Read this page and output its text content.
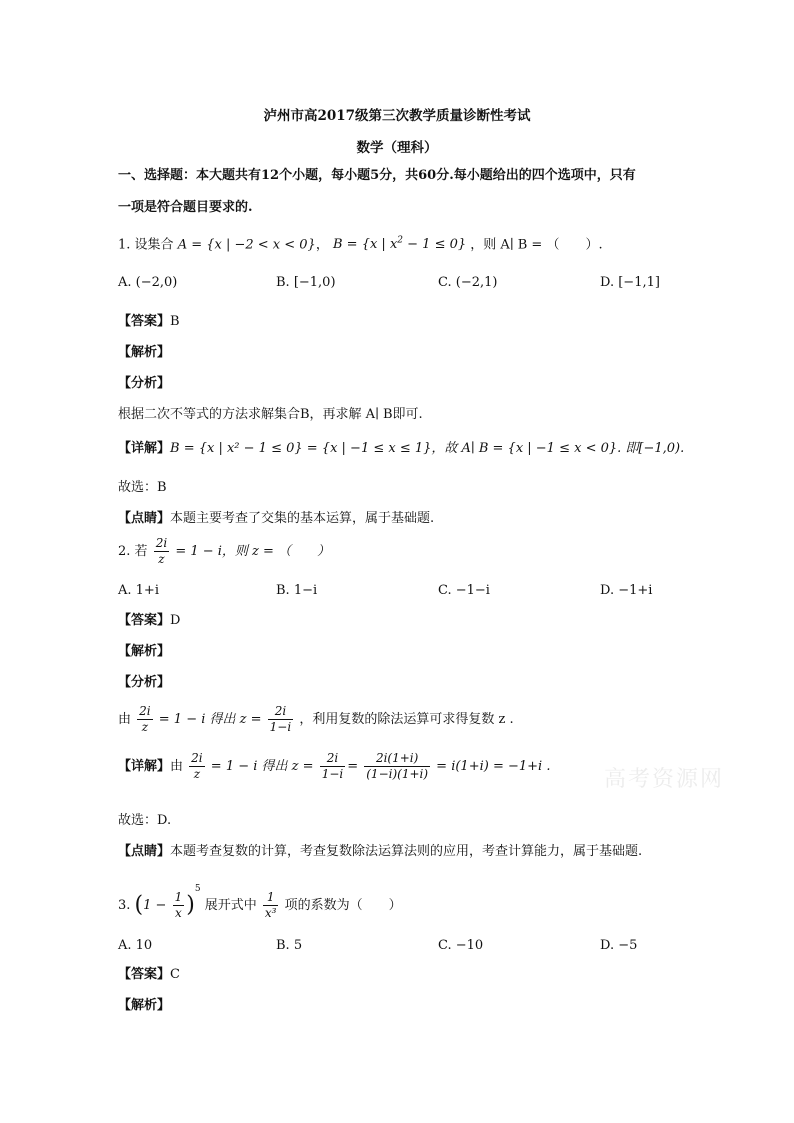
泸州市高2017级第三次教学质量诊断性考试
数学（理科）
一、选择题：本大题共有12个小题，每小题5分，共60分.每小题给出的四个选项中，只有
一项是符合题目要求的.
1. 设集合 A = {x | −2 < x < 0}， B = {x | $x^2 - 1 \le 0$} ，则 A∣ B = （　　）.
A. (−2,0)	B. [−1,0)	C. (−2,1)	D. [−1,1]
【答案】B
【解析】
【分析】
根据二次不等式的方法求解集合B，再求解 A∣ B即可.
【详解】B = {x | x² − 1 ≤ 0} = {x | −1 ≤ x ≤ 1}，故 A∣ B = {x | −1 ≤ x < 0}. 即[−1,0).
故选：B
【点睛】本题主要考查了交集的基本运算，属于基础题.
2. 若 $\frac{2i}{z} = 1 - i$，则 z = （　　）
A. 1+i	B. 1−i	C. −1−i	D. −1+i
【答案】D
【解析】
【分析】
由 $\frac{2i}{z} = 1 - i$ 得出 $z = \frac{2i}{1-i}$ ，利用复数的除法运算可求得复数 z .
【详解】由 $\frac{2i}{z} = 1 - i$ 得出 $z = \frac{2i}{1-i} = \frac{2i(1+i)}{(1-i)(1+i)} = i(1+i) = -1+i$ .
故选：D.
【点睛】本题考查复数的计算，考查复数除法运算法则的应用，考查计算能力，属于基础题.
3. $(1 - \frac{1}{x} )^5$ 展开式中 $\frac{1}{\text{x³}}$ 项的系数为（　　）
A. 10	B. 5	C. −10	D. −5
【答案】C
【解析】
高考资源网
